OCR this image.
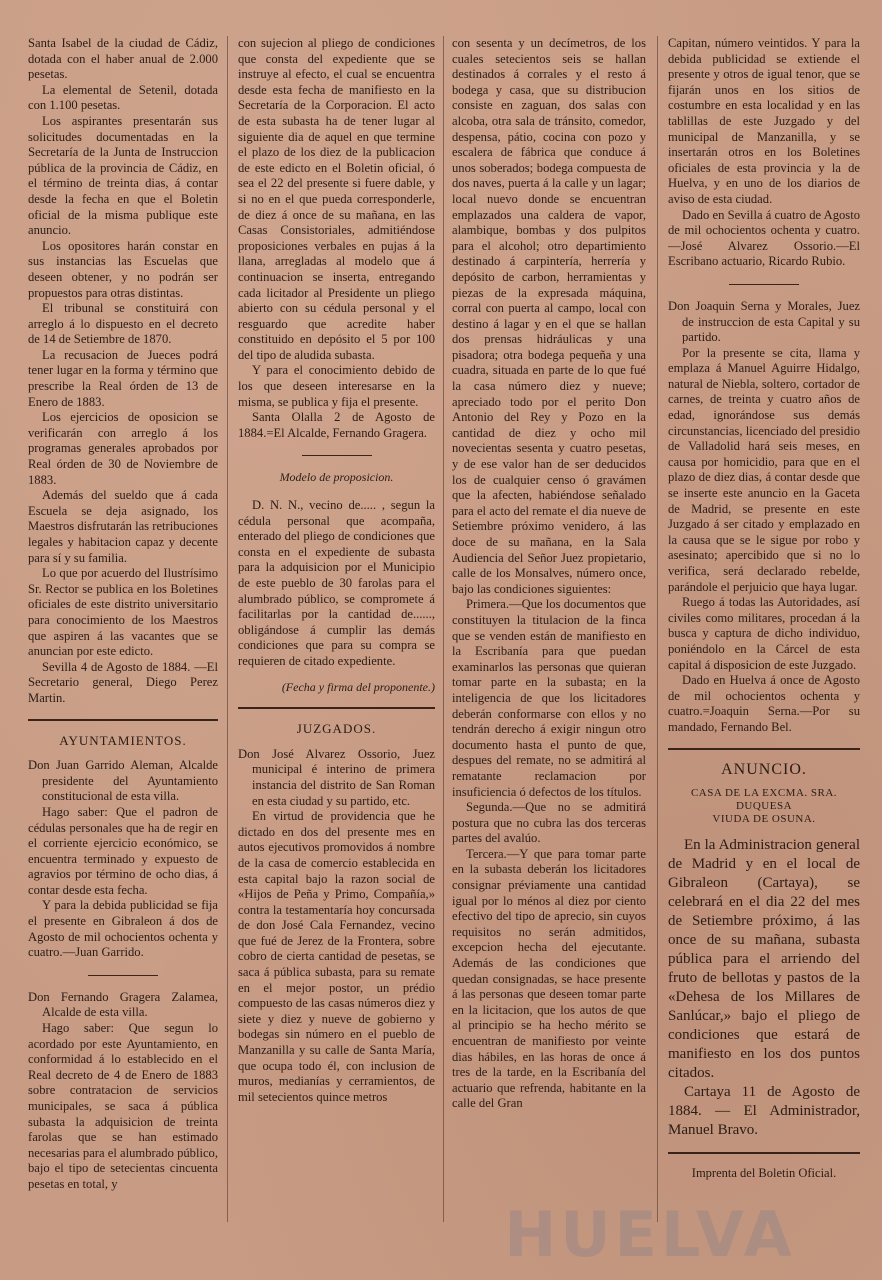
Santa Isabel de la ciudad de Cádiz, dotada con el haber anual de 2.000 pesetas.

La elemental de Setenil, dotada con 1.100 pesetas.

Los aspirantes presentarán sus solicitudes documentadas en la Secretaría de la Junta de Instruccion pública de la provincia de Cádiz, en el término de treinta dias, á contar desde la fecha en que el Boletin oficial de la misma publique este anuncio.

Los opositores harán constar en sus instancias las Escuelas que deseen obtener, y no podrán ser propuestos para otras distintas.

El tribunal se constituirá con arreglo á lo dispuesto en el decreto de 14 de Setiembre de 1870.

La recusacion de Jueces podrá tener lugar en la forma y término que prescribe la Real órden de 13 de Enero de 1883.

Los ejercicios de oposicion se verificarán con arreglo á los programas generales aprobados por Real órden de 30 de Noviembre de 1883.

Además del sueldo que á cada Escuela se deja asignado, los Maestros disfrutarán las retribuciones legales y habitacion capaz y decente para sí y su familia.

Lo que por acuerdo del Ilustrísimo Sr. Rector se publica en los Boletines oficiales de este distrito universitario para conocimiento de los Maestros que aspiren á las vacantes que se anuncian por este edicto.

Sevilla 4 de Agosto de 1884. —El Secretario general, Diego Perez Martin.

AYUNTAMIENTOS.

Don Juan Garrido Aleman, Alcalde presidente del Ayuntamiento constitucional de esta villa.

Hago saber: Que el padron de cédulas personales que ha de regir en el corriente ejercicio económico, se encuentra terminado y expuesto de agravios por término de ocho dias, á contar desde esta fecha.

Y para la debida publicidad se fija el presente en Gibraleon á dos de Agosto de mil ochocientos ochenta y cuatro.—Juan Garrido.

Don Fernando Gragera Zalamea, Alcalde de esta villa.

Hago saber: Que segun lo acordado por este Ayuntamiento, en conformidad á lo establecido en el Real decreto de 4 de Enero de 1883 sobre contratacion de servicios municipales, se saca á pública subasta la adquisicion de treinta farolas que se han estimado necesarias para el alumbrado público, bajo el tipo de setecientas cincuenta pesetas en total, y

con sujecion al pliego de condiciones que consta del expediente que se instruye al efecto, el cual se encuentra desde esta fecha de manifiesto en la Secretaría de la Corporacion. El acto de esta subasta ha de tener lugar al siguiente dia de aquel en que termine el plazo de los diez de la publicacion de este edicto en el Boletin oficial, ó sea el 22 del presente si fuere dable, y si no en el que pueda corresponderle, de diez á once de su mañana, en las Casas Consistoriales, admitiéndose proposiciones verbales en pujas á la llana, arregladas al modelo que á continuacion se inserta, entregando cada licitador al Presidente un pliego abierto con su cédula personal y el resguardo que acredite haber constituido en depósito el 5 por 100 del tipo de aludida subasta.

Y para el conocimiento debido de los que deseen interesarse en la misma, se publica y fija el presente.

Santa Olalla 2 de Agosto de 1884.=El Alcalde, Fernando Gragera.

Modelo de proposicion.

D. N. N., vecino de..... , segun la cédula personal que acompaña, enterado del pliego de condiciones que consta en el expediente de subasta para la adquisicion por el Municipio de este pueblo de 30 farolas para el alumbrado público, se compromete á facilitarlas por la cantidad de......, obligándose á cumplir las demás condiciones que para su compra se requieren de citado expediente.

(Fecha y firma del proponente.)
JUZGADOS.

Don José Alvarez Ossorio, Juez municipal é interino de primera instancia del distrito de San Roman en esta ciudad y su partido, etc.

En virtud de providencia que he dictado en dos del presente mes en autos ejecutivos promovidos á nombre de la casa de comercio establecida en esta capital bajo la razon social de «Hijos de Peña y Primo, Compañía,» contra la testamentaría hoy concursada de don José Cala Fernandez, vecino que fué de Jerez de la Frontera, sobre cobro de cierta cantidad de pesetas, se saca á pública subasta, para su remate en el mejor postor, un prédio compuesto de las casas números diez y siete y diez y nueve de gobierno y bodegas sin número en el pueblo de Manzanilla y su calle de Santa María, que ocupa todo él, con inclusion de muros, medianías y cerramientos, de mil setecientos quince metros

con sesenta y un decímetros, de los cuales setecientos seis se hallan destinados á corrales y el resto á bodega y casa, que su distribucion consiste en zaguan, dos salas con alcoba, otra sala de tránsito, comedor, despensa, pátio, cocina con pozo y escalera de fábrica que conduce á unos soberados; bodega compuesta de dos naves, puerta á la calle y un lagar; local nuevo donde se encuentran emplazados una caldera de vapor, alambique, bombas y dos pulpitos para el alcohol; otro departimiento destinado á carpintería, herrería y depósito de carbon, herramientas y piezas de la expresada máquina, corral con puerta al campo, local con destino á lagar y en el que se hallan dos prensas hidráulicas y una pisadora; otra bodega pequeña y una cuadra, situada en parte de lo que fué la casa número diez y nueve; apreciado todo por el perito Don Antonio del Rey y Pozo en la cantidad de diez y ocho mil novecientas sesenta y cuatro pesetas, y de ese valor han de ser deducidos los de cualquier censo ó gravámen que la afecten, habiéndose señalado para el acto del remate el dia nueve de Setiembre próximo venidero, á las doce de su mañana, en la Sala Audiencia del Señor Juez propietario, calle de los Monsalves, número once, bajo las condiciones siguientes:

Primera.—Que los documentos que constituyen la titulacion de la finca que se venden están de manifiesto en la Escribanía para que puedan examinarlos las personas que quieran tomar parte en la subasta; en la inteligencia de que los licitadores deberán conformarse con ellos y no tendrán derecho á exigir ningun otro documento hasta el punto de que, despues del remate, no se admitirá al rematante reclamacion por insuficiencia ó defectos de los títulos.

Segunda.—Que no se admitirá postura que no cubra las dos terceras partes del avalúo.

Tercera.—Y que para tomar parte en la subasta deberán los licitadores consignar préviamente una cantidad igual por lo ménos al diez por ciento efectivo del tipo de aprecio, sin cuyos requisitos no serán admitidos, excepcion hecha del ejecutante. Además de las condiciones que quedan consignadas, se hace presente á las personas que deseen tomar parte en la licitacion, que los autos de que al principio se ha hecho mérito se encuentran de manifiesto por veinte dias hábiles, en las horas de once á tres de la tarde, en la Escribanía del actuario que refrenda, habitante en la calle del Gran

Capitan, número veintidos. Y para la debida publicidad se extiende el presente y otros de igual tenor, que se fijarán unos en los sitios de costumbre en esta localidad y en las tablillas de este Juzgado y del municipal de Manzanilla, y se insertarán otros en los Boletines oficiales de esta provincia y la de Huelva, y en uno de los diarios de aviso de esta ciudad.

Dado en Sevilla á cuatro de Agosto de mil ochocientos ochenta y cuatro.—José Alvarez Ossorio.—El Escribano actuario, Ricardo Rubio.

Don Joaquin Serna y Morales, Juez de instruccion de esta Capital y su partido.

Por la presente se cita, llama y emplaza á Manuel Aguirre Hidalgo, natural de Niebla, soltero, cortador de carnes, de treinta y cuatro años de edad, ignorándose sus demás circunstancias, licenciado del presidio de Valladolid hará seis meses, en causa por homicidio, para que en el plazo de diez dias, á contar desde que se inserte este anuncio en la Gaceta de Madrid, se presente en este Juzgado á ser citado y emplazado en la causa que se le sigue por robo y asesinato; apercibido que si no lo verifica, será declarado rebelde, parándole el perjuicio que haya lugar.

Ruego á todas las Autoridades, así civiles como militares, procedan á la busca y captura de dicho individuo, poniéndolo en la Cárcel de esta capital á disposicion de este Juzgado.

Dado en Huelva á once de Agosto de mil ochocientos ochenta y cuatro.=Joaquin Serna.—Por su mandado, Fernando Bel.

ANUNCIO.
CASA DE LA EXCMA. SRA. DUQUESA
VIUDA DE OSUNA.

En la Administracion general de Madrid y en el local de Gibraleon (Cartaya), se celebrará en el dia 22 del mes de Setiembre próximo, á las once de su mañana, subasta pública para el arriendo del fruto de bellotas y pastos de la «Dehesa de los Millares de Sanlúcar,» bajo el pliego de condiciones que estará de manifiesto en los dos puntos citados.

Cartaya 11 de Agosto de 1884. — El Administrador, Manuel Bravo.

Imprenta del Boletin Oficial.
HUELVA
